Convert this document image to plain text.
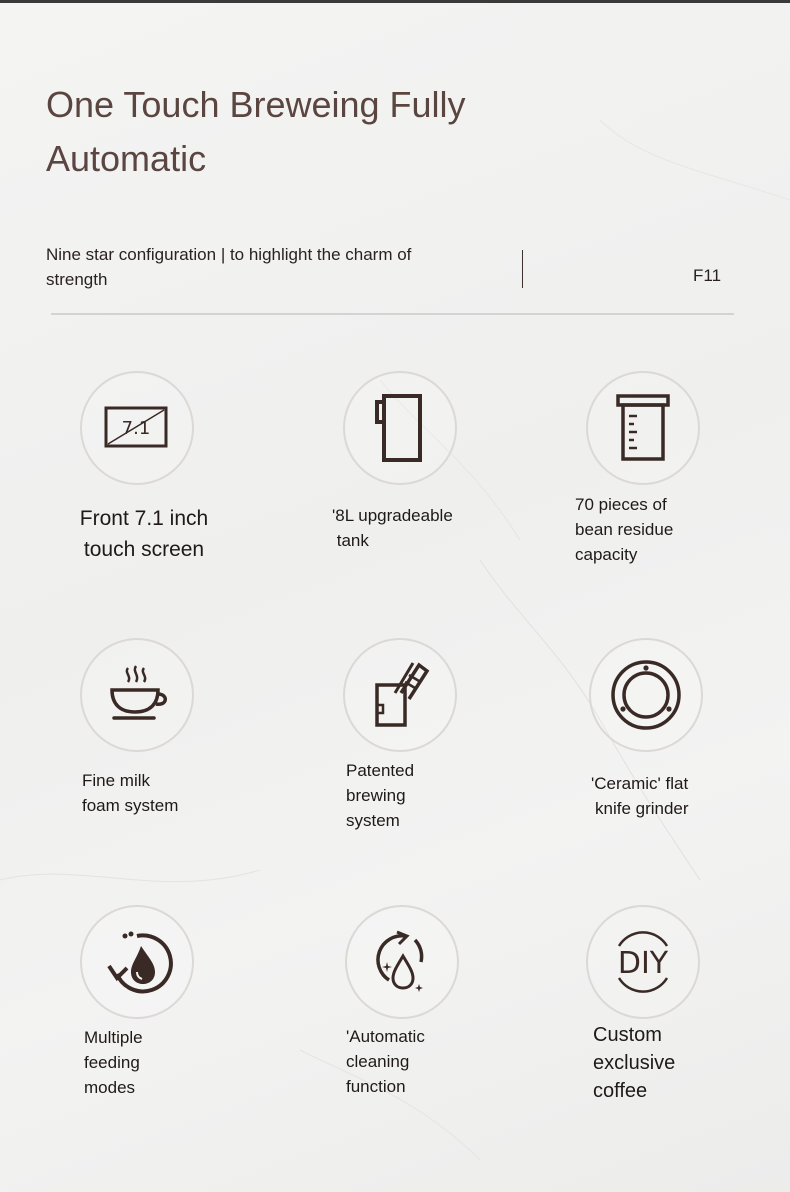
One Touch Breweing Fully Automatic
Nine star configuration | to highlight the charm of strength	F11
7.1
Front 7.1 inch
touch screen
'8L upgradeable
tank
70 pieces of
bean residue
capacity
Fine milk
foam system
Patented
brewing
system
'Ceramic' flat
knife grinder
Multiple
feeding
modes
'Automatic
cleaning
function
DIY
Custom
exclusive
coffee
